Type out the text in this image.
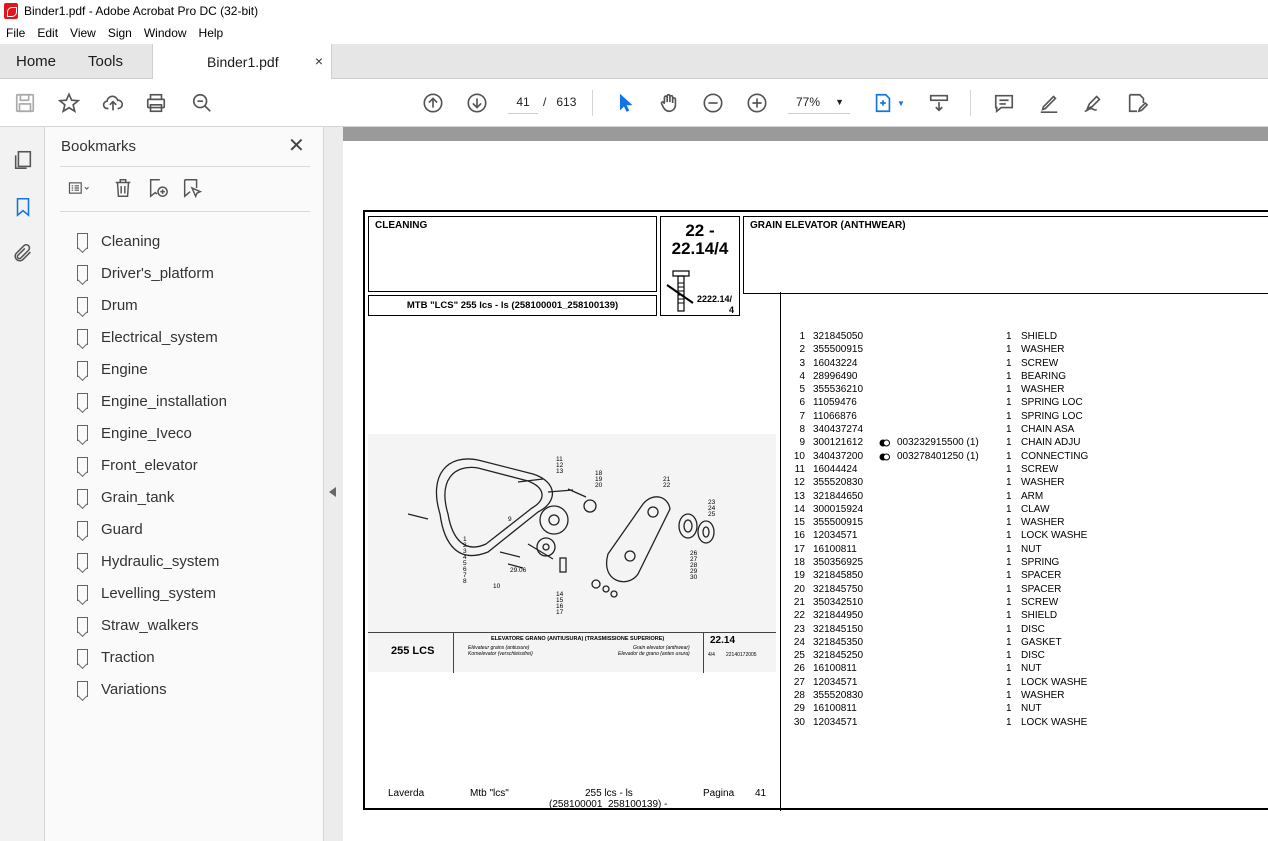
Binder1.pdf - Adobe Acrobat Pro DC (32-bit)
File	Edit	View	Sign	Window	Help
Home Tools	Binder1.pdf	×
41	/ 613	77% ▼	▼
Bookmarks	✕
Cleaning
Driver's_platform
Drum
Electrical_system
Engine
Engine_installation
Engine_Iveco
Front_elevator
Grain_tank
Guard
Hydraulic_system
Levelling_system
Straw_walkers
Traction
Variations
CLEANING
MTB "LCS" 255 lcs - ls (258100001_258100139)
22 -
22.14/4
2222.14/
4
GRAIN ELEVATOR (ANTHWEAR)
11
12
13	18
19
20
21
22
23
24
25
26
27
28
29
30
9
1
2
3
4
5
6
7
8
10
14
15
16
17
29.06
255 LCS
ELEVATORE GRANO (ANTIUSURA) (TRASMISSIONE SUPERIORE)
Elévateur grains (antiusure)
Kornelevator (verschleissfrei)
Grain elevator (anthwear)
Elevador de grano (antes usura)
22.14
4/4 22140172005
1 321845050	1 SHIELD
2 355500915	1 WASHER
3 16043224	1 SCREW
4 28996490	1 BEARING
5 355536210	1 WASHER
6 11059476	1 SPRING LOC
7 11066876	1 SPRING LOC
8 340437274	1 CHAIN ASA
9 300121612	003232915500 (1)	1 CHAIN ADJU
10 340437200	003278401250 (1)	1 CONNECTING
11 16044424	1 SCREW
12 355520830	1 WASHER
13 321844650	1 ARM
14 300015924	1 CLAW
15 355500915	1 WASHER
16 12034571	1 LOCK WASHE
17 16100811	1 NUT
18 350356925	1 SPRING
19 321845850	1 SPACER
20 321845750	1 SPACER
21 350342510	1 SCREW
22 321844950	1 SHIELD
23 321845150	1 DISC
24 321845350	1 GASKET
25 321845250	1 DISC
26 16100811	1 NUT
27 12034571	1 LOCK WASHE
28 355520830	1 WASHER
29 16100811	1 NUT
30 12034571	1 LOCK WASHE
Laverda	Mtb "lcs"	255 lcs - ls
(258100001_258100139) -
Pagina 41
